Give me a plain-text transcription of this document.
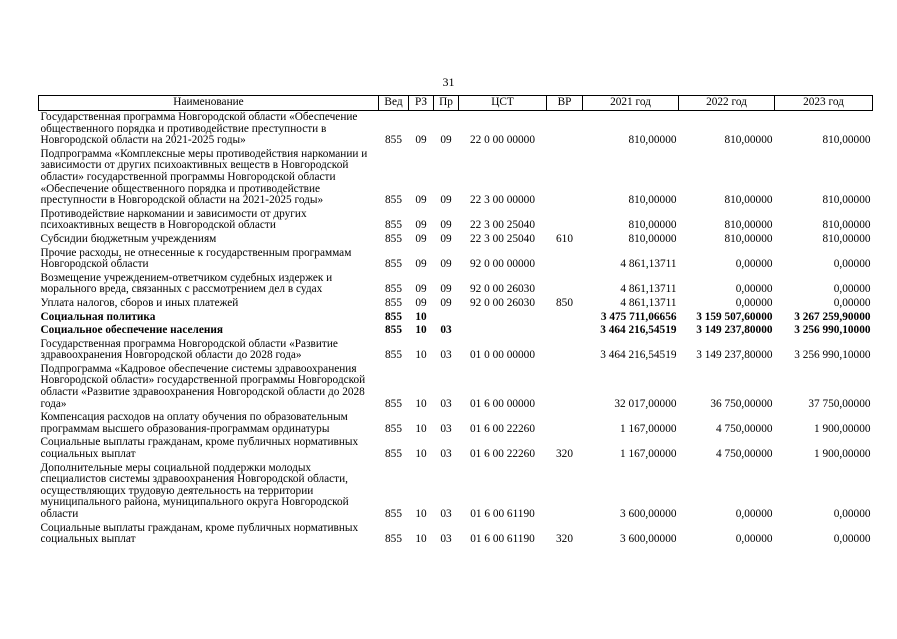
31
Наименование	Вед	РЗ	Пр	ЦСТ	ВР	2021 год	2022 год	2023 год
Государственная программа Новгородской области «Обеспечение общественного порядка и противодействие преступности в Новгородской области на 2021-2025 годы»	855	09	09	22 0 00 00000		810,00000	810,00000	810,00000
Подпрограмма «Комплексные меры противодействия наркомании и зависимости от других психоактивных веществ в Новгородской области» государственной программы Новгородской области «Обеспечение общественного порядка и противодействие преступности в Новгородской области на 2021-2025 годы»	855	09	09	22 3 00 00000		810,00000	810,00000	810,00000
Противодействие наркомании и зависимости от других психоактивных веществ в Новгородской области	855	09	09	22 3 00 25040		810,00000	810,00000	810,00000
Субсидии бюджетным учреждениям	855	09	09	22 3 00 25040	610	810,00000	810,00000	810,00000
Прочие расходы, не отнесенные к государственным программам Новгородской области	855	09	09	92 0 00 00000		4 861,13711	0,00000	0,00000
Возмещение учреждением-ответчиком судебных издержек и морального вреда, связанных с рассмотрением дел в судах	855	09	09	92 0 00 26030		4 861,13711	0,00000	0,00000
Уплата налогов, сборов и иных платежей	855	09	09	92 0 00 26030	850	4 861,13711	0,00000	0,00000
Социальная политика	855	10				3 475 711,06656	3 159 507,60000	3 267 259,90000
Социальное обеспечение населения	855	10	03			3 464 216,54519	3 149 237,80000	3 256 990,10000
Государственная программа Новгородской области «Развитие здравоохранения Новгородской области до 2028 года»	855	10	03	01 0 00 00000		3 464 216,54519	3 149 237,80000	3 256 990,10000
Подпрограмма «Кадровое обеспечение системы здравоохранения Новгородской области» государственной программы Новгородской области «Развитие здравоохранения Новгородской области до 2028 года»	855	10	03	01 6 00 00000		32 017,00000	36 750,00000	37 750,00000
Компенсация расходов на оплату обучения по образовательным программам высшего образования-программам ординатуры	855	10	03	01 6 00 22260		1 167,00000	4 750,00000	1 900,00000
Социальные выплаты гражданам, кроме публичных нормативных социальных выплат	855	10	03	01 6 00 22260	320	1 167,00000	4 750,00000	1 900,00000
Дополнительные меры социальной поддержки молодых специалистов системы здравоохранения Новгородской области, осуществляющих трудовую деятельность на территории муниципального района, муниципального округа Новгородской области	855	10	03	01 6 00 61190		3 600,00000	0,00000	0,00000
Социальные выплаты гражданам, кроме публичных нормативных социальных выплат	855	10	03	01 6 00 61190	320	3 600,00000	0,00000	0,00000
